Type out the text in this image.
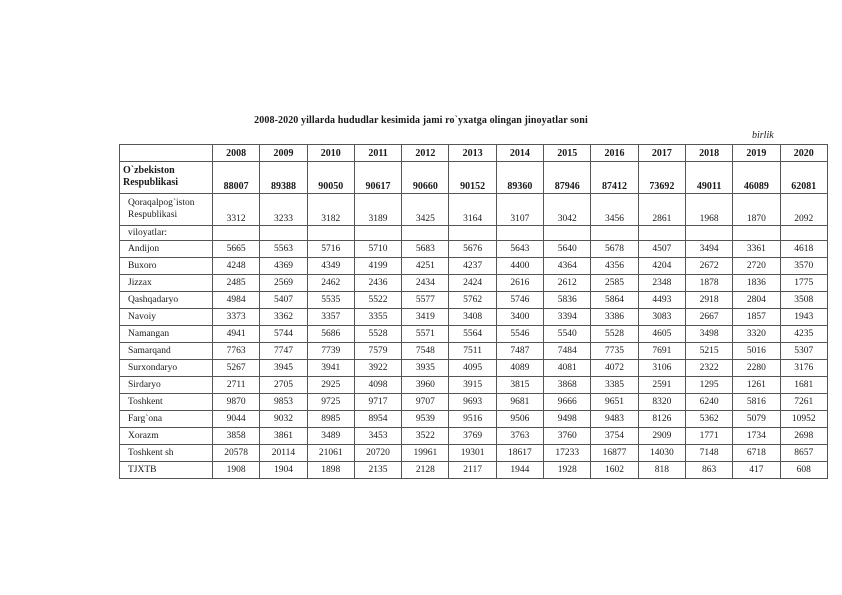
2008-2020 yillarda hududlar kesimida jami ro`yxatga olingan jinoyatlar soni
birlik
	2008	2009	2010	2011	2012	2013	2014	2015	2016	2017	2018	2019	2020
O`zbekiston
Respublikasi	88007	89388	90050	90617	90660	90152	89360	87946	87412	73692	49011	46089	62081
Qoraqalpog`iston
Respublikasi	3312	3233	3182	3189	3425	3164	3107	3042	3456	2861	1968	1870	2092
viloyatlar:													
Andijon	5665	5563	5716	5710	5683	5676	5643	5640	5678	4507	3494	3361	4618
Buxoro	4248	4369	4349	4199	4251	4237	4400	4364	4356	4204	2672	2720	3570
Jizzax	2485	2569	2462	2436	2434	2424	2616	2612	2585	2348	1878	1836	1775
Qashqadaryo	4984	5407	5535	5522	5577	5762	5746	5836	5864	4493	2918	2804	3508
Navoiy	3373	3362	3357	3355	3419	3408	3400	3394	3386	3083	2667	1857	1943
Namangan	4941	5744	5686	5528	5571	5564	5546	5540	5528	4605	3498	3320	4235
Samarqand	7763	7747	7739	7579	7548	7511	7487	7484	7735	7691	5215	5016	5307
Surxondaryo	5267	3945	3941	3922	3935	4095	4089	4081	4072	3106	2322	2280	3176
Sirdaryo	2711	2705	2925	4098	3960	3915	3815	3868	3385	2591	1295	1261	1681
Toshkent	9870	9853	9725	9717	9707	9693	9681	9666	9651	8320	6240	5816	7261
Farg`ona	9044	9032	8985	8954	9539	9516	9506	9498	9483	8126	5362	5079	10952
Xorazm	3858	3861	3489	3453	3522	3769	3763	3760	3754	2909	1771	1734	2698
Toshkent sh	20578	20114	21061	20720	19961	19301	18617	17233	16877	14030	7148	6718	8657
TJXTB	1908	1904	1898	2135	2128	2117	1944	1928	1602	818	863	417	608
